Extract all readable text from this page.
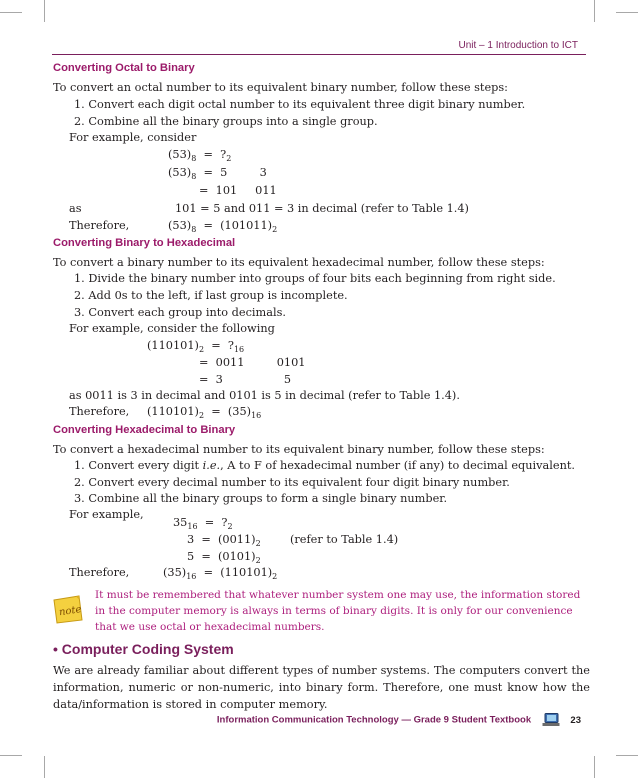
Unit – 1 Introduction to ICT
Converting Octal to Binary
To convert an octal number to its equivalent binary number, follow these steps:
1. Convert each digit octal number to its equivalent three digit binary number.
2. Combine all the binary groups into a single group.
For example, consider
$(53)_8$  =  $?_2$
$(53)_8 = 5$         3
=  101     011
as	101 = 5 and 011 = 3 in decimal (refer to Table 1.4)
Therefore,	$(53)_8 = (101011)_2$
Converting Binary to Hexadecimal
To convert a binary number to its equivalent hexadecimal number, follow these steps:
1. Divide the binary number into groups of four bits each beginning from right side.
2. Add 0s to the left, if last group is incomplete.
3. Convert each group into decimals.
For example, consider the following
$(110101)_2$  =  $?_{16}$
=  0011         0101
=  3                 5
as 0011 is 3 in decimal and 0101 is 5 in decimal (refer to Table 1.4).
Therefore, $(110101)_2 = (35)_{16}$
Converting Hexadecimal to Binary
To convert a hexadecimal number to its equivalent binary number, follow these steps:
1. Convert every digit i.e., A to F of hexadecimal number (if any) to decimal equivalent.
2. Convert every decimal number to its equivalent four digit binary number.
3. Combine all the binary groups to form a single binary number.
For example,
$35_{16}$  =  $?_2$
$3 = (0011)_2$	(refer to Table 1.4)
$5 = (0101)_2$
Therefore,	$(35)_{16} = (110101)_2$
note
It must be remembered that whatever number system one may use, the information stored in the computer memory is always in terms of binary digits. It is only for our convenience that we use octal or hexadecimal numbers.
• Computer Coding System
We are already familiar about different types of number systems. The computers convert the information, numeric or non-numeric, into binary form. Therefore, one must know how the data/information is stored in computer memory.
Information Communication Technology — Grade 9 Student Textbook	23
